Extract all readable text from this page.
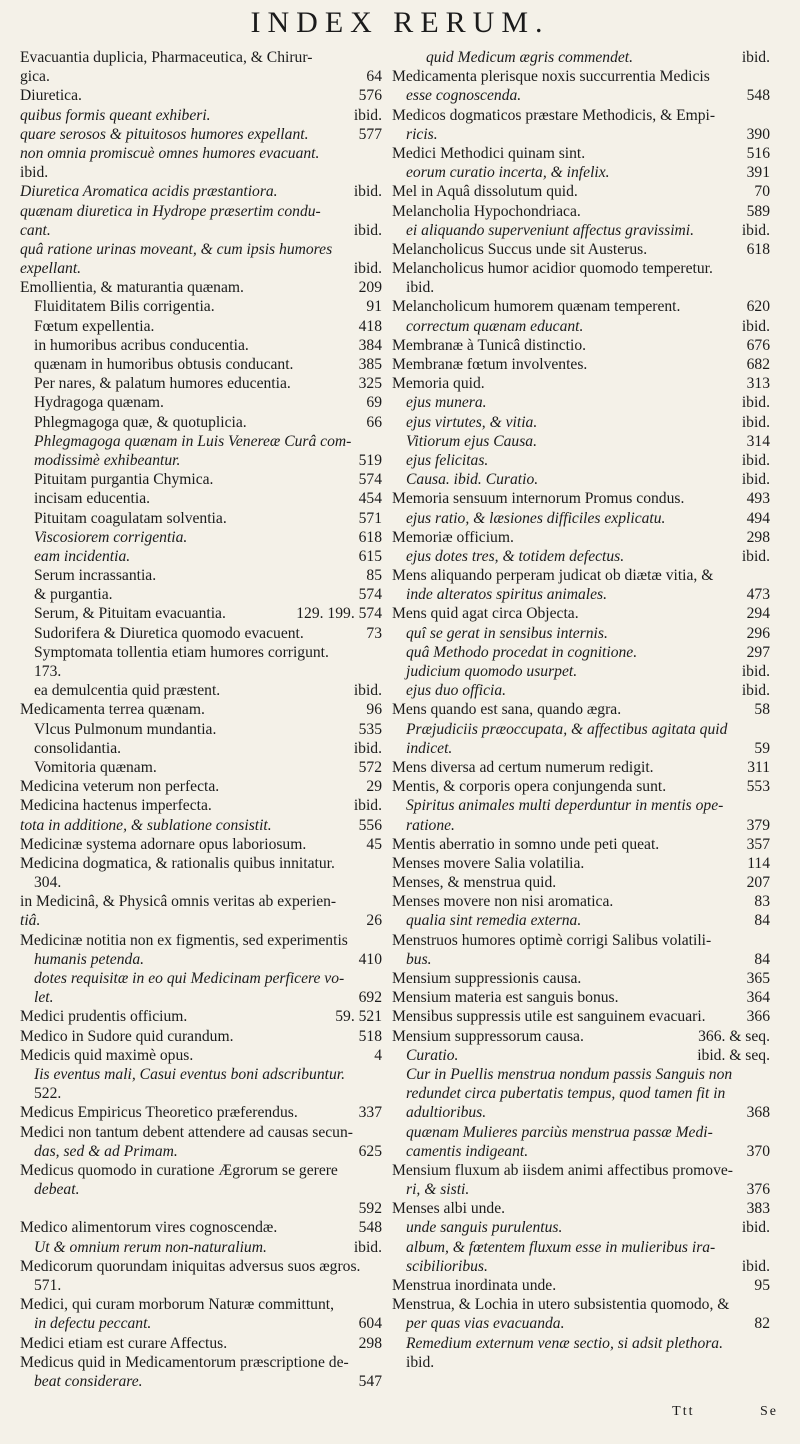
INDEX RERUM.
Evacuantia duplicia, Pharmaceutica, & Chirur-
gica.	64
Diuretica.	576
quibus formis queant exhiberi.	ibid.
quare serosos & pituitosos humores expellant.	577
non omnia promiscuè omnes humores evacuant.
ibid.
Diuretica Aromatica acidis præstantiora.	ibid.
quænam diuretica in Hydrope præsertim condu-
cant.	ibid.
quâ ratione urinas moveant, & cum ipsis humores
expellant.	ibid.
Emollientia, & maturantia quænam.	209
Fluiditatem Bilis corrigentia.	91
Fœtum expellentia.	418
in humoribus acribus conducentia.	384
quænam in humoribus obtusis conducant.	385
Per nares, & palatum humores educentia.	325
Hydragoga quænam.	69
Phlegmagoga quæ, & quotuplicia.	66
Phlegmagoga quænam in Luis Venereæ Curâ com-
modissimè exhibeantur.	519
Pituitam purgantia Chymica.	574
incisam educentia.	454
Pituitam coagulatam solventia.	571
Viscosiorem corrigentia.	618
eam incidentia.	615
Serum incrassantia.	85
& purgantia.	574
Serum, & Pituitam evacuantia.	129. 199. 574
Sudorifera & Diuretica quomodo evacuent.	73
Symptomata tollentia etiam humores corrigunt.
173.
ea demulcentia quid præstent.	ibid.
Medicamenta terrea quænam.	96
Vlcus Pulmonum mundantia.	535
consolidantia.	ibid.
Vomitoria quænam.	572
Medicina veterum non perfecta.	29
Medicina hactenus imperfecta.	ibid.
tota in additione, & sublatione consistit.	556
Medicinæ systema adornare opus laboriosum.	45
Medicina dogmatica, & rationalis quibus innitatur.
304.
in Medicinâ, & Physicâ omnis veritas ab experien-
tiâ.	26
Medicinæ notitia non ex figmentis, sed experimentis
humanis petenda.	410
dotes requisitæ in eo qui Medicinam perficere vo-
let.	692
Medici prudentis officium.	59. 521
Medico in Sudore quid curandum.	518
Medicis quid maximè opus.	4
Iis eventus mali, Casui eventus boni adscribuntur.
522.
Medicus Empiricus Theoretico præferendus.	337
Medici non tantum debent attendere ad causas secun-
das, sed & ad Primam.	625
Medicus quomodo in curatione Ægrorum se gerere
debeat.
592
Medico alimentorum vires cognoscendæ.	548
Ut & omnium rerum non-naturalium.	ibid.
Medicorum quorundam iniquitas adversus suos ægros.
571.
Medici, qui curam morborum Naturæ committunt,
in defectu peccant.	604
Medici etiam est curare Affectus.	298
Medicus quid in Medicamentorum præscriptione de-
beat considerare.	547
quid Medicum ægris commendet.	ibid.
Medicamenta plerisque noxis succurrentia Medicis
esse cognoscenda.	548
Medicos dogmaticos præstare Methodicis, & Empi-
ricis.	390
Medici Methodici quinam sint.	516
eorum curatio incerta, & infelix.	391
Mel in Aquâ dissolutum quid.	70
Melancholia Hypochondriaca.	589
ei aliquando superveniunt affectus gravissimi.	ibid.
Melancholicus Succus unde sit Austerus.	618
Melancholicus humor acidior quomodo temperetur.
ibid.
Melancholicum humorem quænam temperent.	620
correctum quænam educant.	ibid.
Membranæ à Tunicâ distinctio.	676
Membranæ fœtum involventes.	682
Memoria quid.	313
ejus munera.	ibid.
ejus virtutes, & vitia.	ibid.
Vitiorum ejus Causa.	314
ejus felicitas.	ibid.
Causa. ibid. Curatio.	ibid.
Memoria sensuum internorum Promus condus.	493
ejus ratio, & læsiones difficiles explicatu.	494
Memoriæ officium.	298
ejus dotes tres, & totidem defectus.	ibid.
Mens aliquando perperam judicat ob diætæ vitia, &
inde alteratos spiritus animales.	473
Mens quid agat circa Objecta.	294
quî se gerat in sensibus internis.	296
quâ Methodo procedat in cognitione.	297
judicium quomodo usurpet.	ibid.
ejus duo officia.	ibid.
Mens quando est sana, quando ægra.	58
Præjudiciis præoccupata, & affectibus agitata quid
indicet.	59
Mens diversa ad certum numerum redigit.	311
Mentis, & corporis opera conjungenda sunt.	553
Spiritus animales multi deperduntur in mentis ope-
ratione.	379
Mentis aberratio in somno unde peti queat.	357
Menses movere Salia volatilia.	114
Menses, & menstrua quid.	207
Menses movere non nisi aromatica.	83
qualia sint remedia externa.	84
Menstruos humores optimè corrigi Salibus volatili-
bus.	84
Mensium suppressionis causa.	365
Mensium materia est sanguis bonus.	364
Mensibus suppressis utile est sanguinem evacuari.	366
Mensium suppressorum causa.	366. & seq.
Curatio.	ibid. & seq.
Cur in Puellis menstrua nondum passis Sanguis non
redundet circa pubertatis tempus, quod tamen fit in
adultioribus.	368
quænam Mulieres parciùs menstrua passæ Medi-
camentis indigeant.	370
Mensium fluxum ab iisdem animi affectibus promove-
ri, & sisti.	376
Menses albi unde.	383
unde sanguis purulentus.	ibid.
album, & fœtentem fluxum esse in mulieribus ira-
scibilioribus.	ibid.
Menstrua inordinata unde.	95
Menstrua, & Lochia in utero subsistentia quomodo, &
per quas vias evacuanda.	82
Remedium externum venæ sectio, si adsit plethora.
ibid.
Ttt	Se
